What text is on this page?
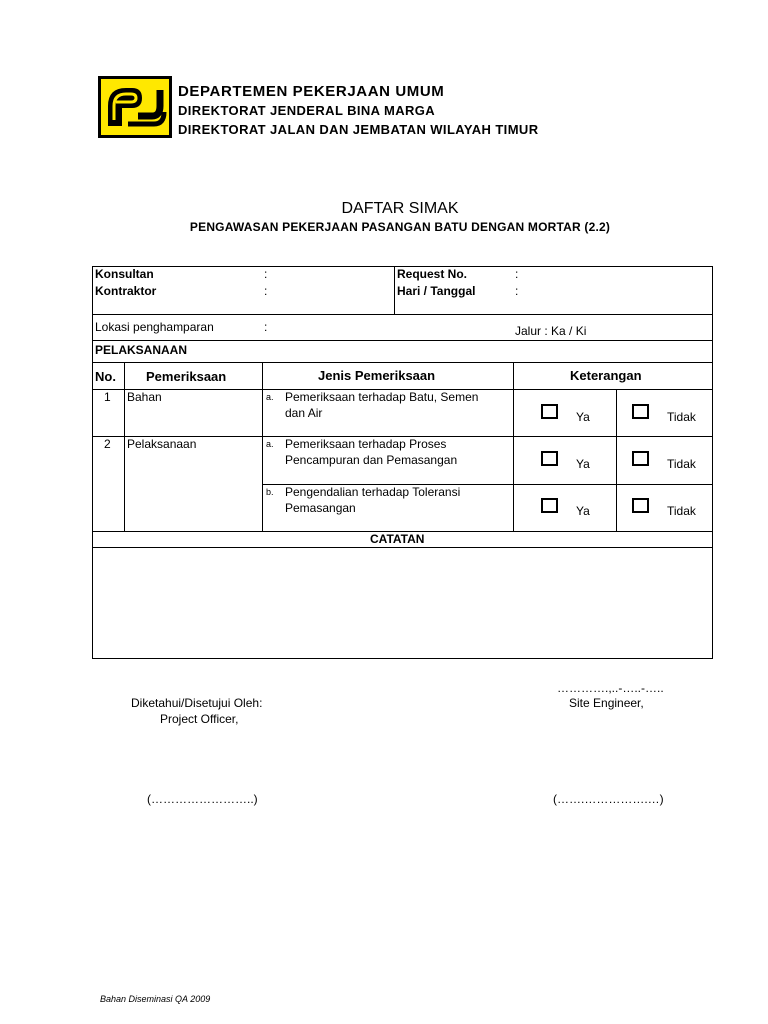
DEPARTEMEN PEKERJAAN UMUM
DIREKTORAT JENDERAL BINA MARGA
DIREKTORAT JALAN DAN JEMBATAN WILAYAH TIMUR
DAFTAR SIMAK
PENGAWASAN PEKERJAAN PASANGAN BATU DENGAN MORTAR (2.2)
Konsultan	:
Kontraktor	:
Request No.	:
Hari / Tanggal	:
Lokasi penghamparan	:	Jalur : Ka / Ki
PELAKSANAAN
No. Pemeriksaan	Jenis Pemeriksaan	Keterangan
1 Bahan	a. Pemeriksaan terhadap Batu, Semen
dan Air	Ya	Tidak
2 Pelaksanaan	a. Pemeriksaan terhadap Proses
Pencampuran dan Pemasangan	Ya	Tidak
b. Pengendalian terhadap Toleransi
Pemasangan	Ya	Tidak
CATATAN
………….,..-…..-…..
Diketahui/Disetujui Oleh:
Project Officer,
Site Engineer,
(……………………..)	(…….…………….…)
Bahan Diseminasi QA 2009
